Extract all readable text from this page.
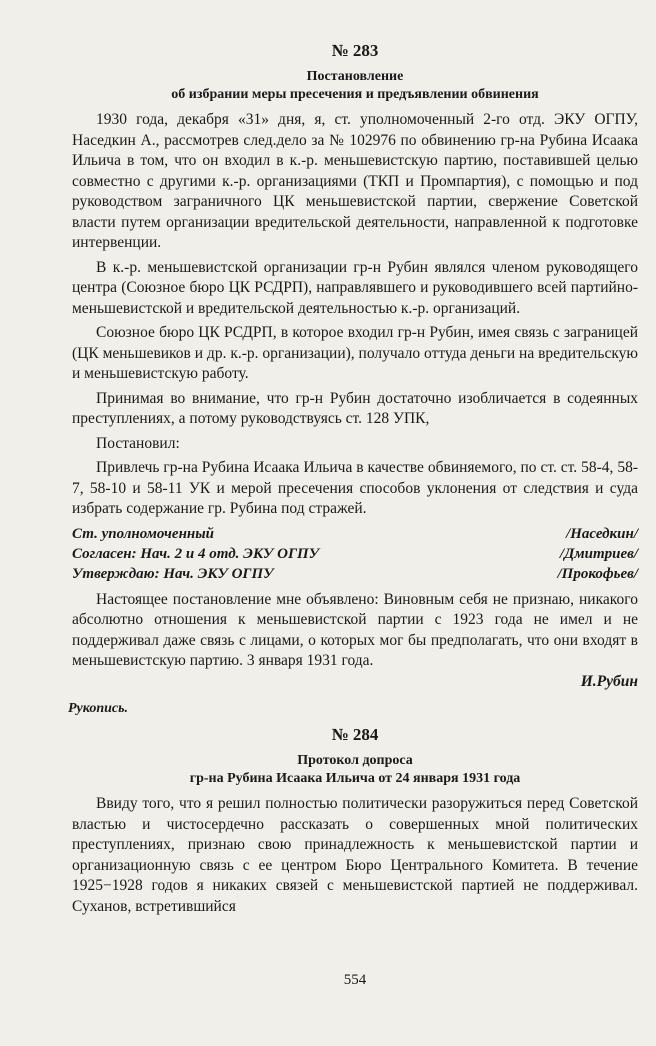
№ 283

Постановление

об избрании меры пресечения и предъявлении обвинения

1930 года, декабря «31» дня, я, ст. уполномоченный 2-го отд. ЭКУ ОГПУ, Наседкин А., рассмотрев след.дело за № 102976 по обвинению гр-на Рубина Исаака Ильича в том, что он входил в к.-р. меньшевистскую партию, поставившей целью совместно с другими к.-р. организациями (ТКП и Промпартия), с помощью и под руководством заграничного ЦК меньшевистской партии, свержение Советской власти путем организации вредительской деятельности, направленной к подготовке интервенции.

В к.-р. меньшевистской организации гр-н Рубин являлся членом руководящего центра (Союзное бюро ЦК РСДРП), направлявшего и руководившего всей партийно-меньшевистской и вредительской деятельностью к.-р. организаций.

Союзное бюро ЦК РСДРП, в которое входил гр-н Рубин, имея связь с заграницей (ЦК меньшевиков и др. к.-р. организации), получало оттуда деньги на вредительскую и меньшевистскую работу.

Принимая во внимание, что гр-н Рубин достаточно изобличается в содеянных преступлениях, а потому руководствуясь ст. 128 УПК,

Постановил:

Привлечь гр-на Рубина Исаака Ильича в качестве обвиняемого, по ст. ст. 58-4, 58-7, 58-10 и 58-11 УК и мерой пресечения способов уклонения от следствия и суда избрать содержание гр. Рубина под стражей.

Ст. уполномоченный	/Наседкин/
Согласен: Нач. 2 и 4 отд. ЭКУ ОГПУ	/Дмитриев/
Утверждаю: Нач. ЭКУ ОГПУ	/Прокофьев/

Настоящее постановление мне объявлено: Виновным себя не признаю, никакого абсолютно отношения к меньшевистской партии с 1923 года не имел и не поддерживал даже связь с лицами, о которых мог бы предполагать, что они входят в меньшевистскую партию. 3 января 1931 года.

И.Рубин
Рукопись.
№ 284

Протокол допроса

гр-на Рубина Исаака Ильича от 24 января 1931 года

Ввиду того, что я решил полностью политически разоружиться перед Советской властью и чистосердечно рассказать о совершенных мной политических преступлениях, признаю свою принадлежность к меньшевистской партии и организационную связь с ее центром Бюро Центрального Комитета. В течение 1925−1928 годов я никаких связей с меньшевистской партией не поддерживал. Суханов, встретившийся

554
